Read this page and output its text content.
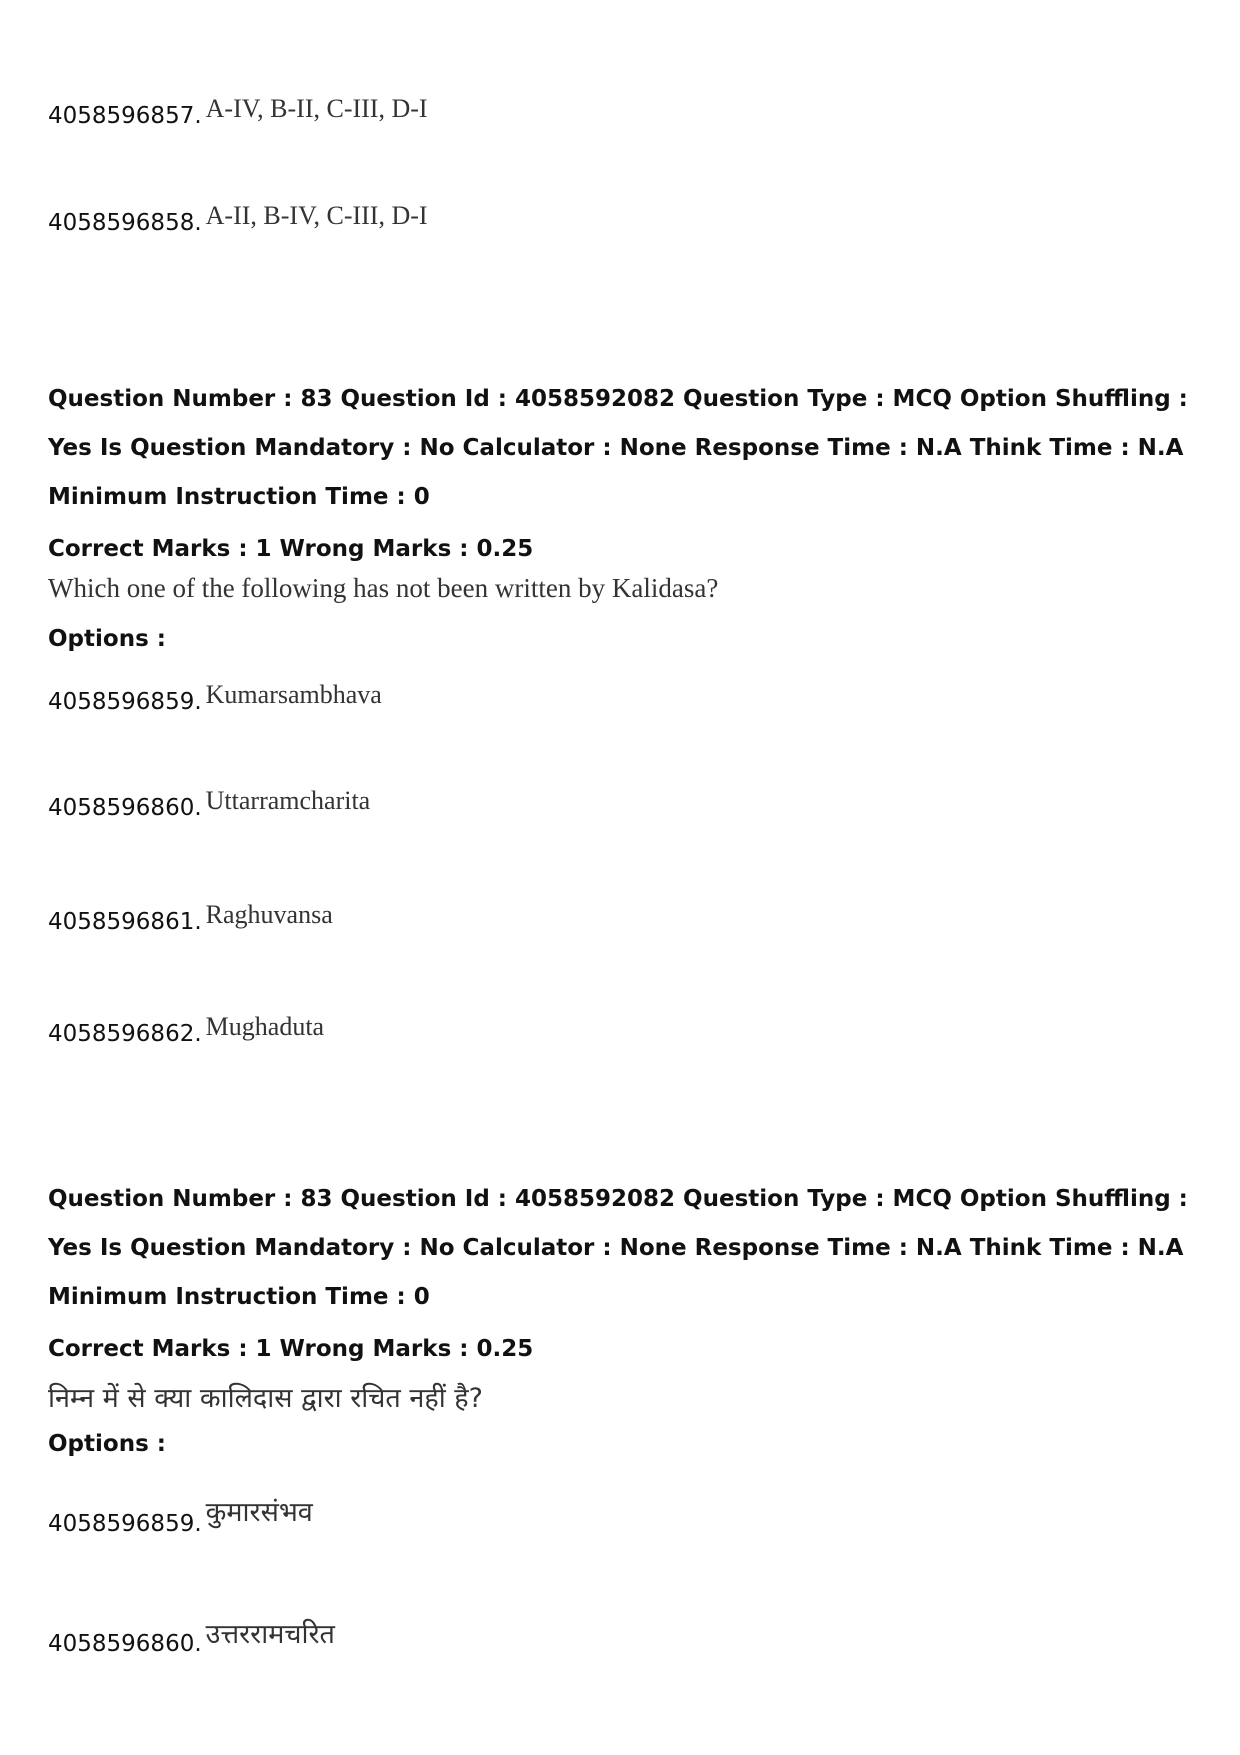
4058596857. A-IV, B-II, C-III, D-I
4058596858. A-II, B-IV, C-III, D-I
Question Number : 83 Question Id : 4058592082 Question Type : MCQ Option Shuffling : Yes Is Question Mandatory : No Calculator : None Response Time : N.A Think Time : N.A Minimum Instruction Time : 0
Correct Marks : 1 Wrong Marks : 0.25
Which one of the following has not been written by Kalidasa?
Options :
4058596859. Kumarsambhava
4058596860. Uttarramcharita
4058596861. Raghuvansa
4058596862. Mughaduta
Question Number : 83 Question Id : 4058592082 Question Type : MCQ Option Shuffling : Yes Is Question Mandatory : No Calculator : None Response Time : N.A Think Time : N.A Minimum Instruction Time : 0
Correct Marks : 1 Wrong Marks : 0.25
निम्न में से क्या कालिदास द्वारा रचित नहीं है?
Options :
4058596859. कुमारसंभव
4058596860. उत्तररामचरित
